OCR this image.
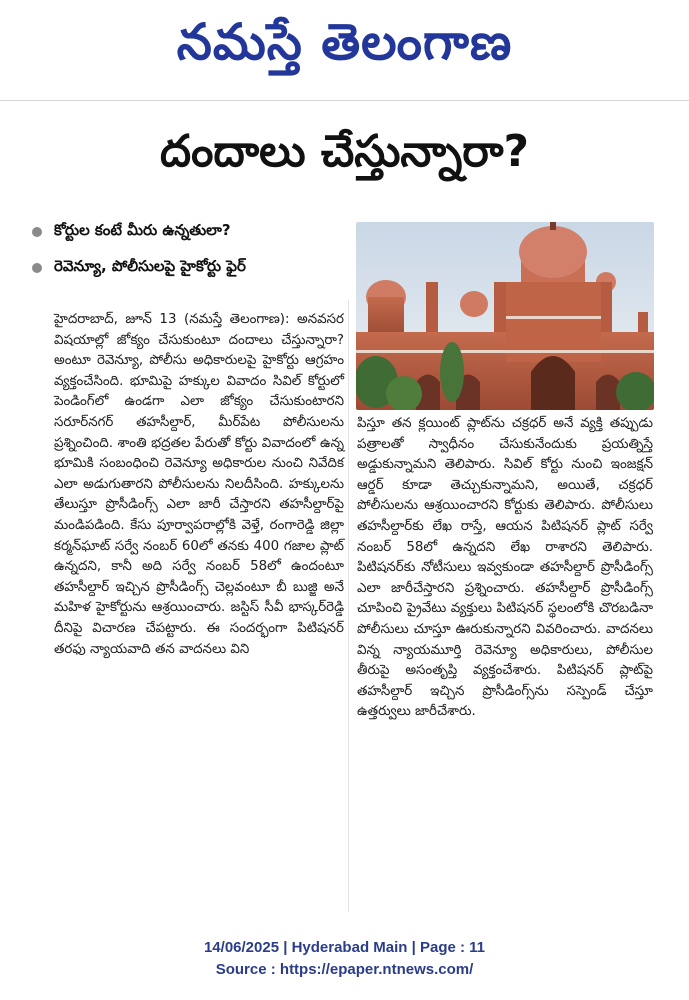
నమస్తే తెలంగాణ
దందాలు చేస్తున్నారా?
కోర్టుల కంటే మీరు ఉన్నతులా?
రెవెన్యూ, పోలీసులపై హైకోర్టు ఫైర్
హైదరాబాద్, జూన్ 13 (నమస్తే తెలంగాణ): అనవసర విషయాల్లో జోక్యం చేసుకుంటూ దందాలు చేస్తున్నారా? అంటూ రెవెన్యూ, పోలీసు అధికారులపై హైకోర్టు ఆగ్రహం వ్యక్తంచేసింది. భూమిపై హక్కుల వివాదం సివిల్ కోర్టులో పెండింగ్‌లో ఉండగా ఎలా జోక్యం చేసుకుంటారని సరూర్‌నగర్ తహసీల్దార్, మీర్‌పేట పోలీసులను ప్రశ్నించింది. శాంతి భద్రతల పేరుతో కోర్టు వివాదంలో ఉన్న భూమికి సంబంధించి రెవెన్యూ అధికారుల నుంచి నివేదిక ఎలా అడుగుతారని పోలీసులను నిలదీసింది. హక్కులను తేలుస్తూ ప్రొసీడింగ్స్ ఎలా జారీ చేస్తారని తహసీల్దార్‌పై మండిపడింది. కేసు పూర్వాపరాల్లోకి వెళ్తే, రంగారెడ్డి జిల్లా కర్మన్‌ఘాట్ సర్వే నంబర్ 60లో తనకు 400 గజాల ప్లాట్ ఉన్నదని, కానీ అది సర్వే నంబర్ 58లో ఉందంటూ తహసీల్దార్ ఇచ్చిన ప్రొసీడింగ్స్ చెల్లవంటూ బీ బుజ్జి అనే మహిళ హైకోర్టును ఆశ్రయించారు. జస్టిస్ సీవీ భాస్కర్‌రెడ్డి దీనిపై విచారణ చేపట్టారు. ఈ సందర్భంగా పిటిషనర్ తరఫు న్యాయవాది తన వాదనలు విని
పిస్తూ తన క్లయింట్ ప్లాట్‌ను చక్రధర్ అనే వ్యక్తి తప్పుడు పత్రాలతో స్వాధీనం చేసుకునేందుకు ప్రయత్నిస్తే అడ్డుకున్నామని తెలిపారు. సివిల్ కోర్టు నుంచి ఇంజక్షన్ ఆర్డర్ కూడా తెచ్చుకున్నామని, అయితే, చక్రధర్ పోలీసులను ఆశ్రయించారని కోర్టుకు తెలిపారు. పోలీసులు తహసీల్దార్‌కు లేఖ రాస్తే, ఆయన పిటిషనర్ ప్లాట్ సర్వే నంబర్ 58లో ఉన్నదని లేఖ రాశారని తెలిపారు. పిటిషనర్‌కు నోటీసులు ఇవ్వకుండా తహసీల్దార్ ప్రొసీడింగ్స్ ఎలా జారీచేస్తారని ప్రశ్నించారు. తహసీల్దార్ ప్రొసీడింగ్స్ చూపించి ప్రైవేటు వ్యక్తులు పిటిషనర్ స్థలంలోకి చొరబడినా పోలీసులు చూస్తూ ఊరుకున్నారని వివరించారు. వాదనలు విన్న న్యాయమూర్తి రెవెన్యూ అధికారులు, పోలీసుల తీరుపై అసంతృప్తి వ్యక్తంచేశారు. పిటిషనర్ ప్లాట్‌పై తహసీల్దార్ ఇచ్చిన ప్రొసీడింగ్స్‌ను సస్పెండ్ చేస్తూ ఉత్తర్వులు జారీచేశారు.
14/06/2025 | Hyderabad Main | Page : 11
Source : https://epaper.ntnews.com/
